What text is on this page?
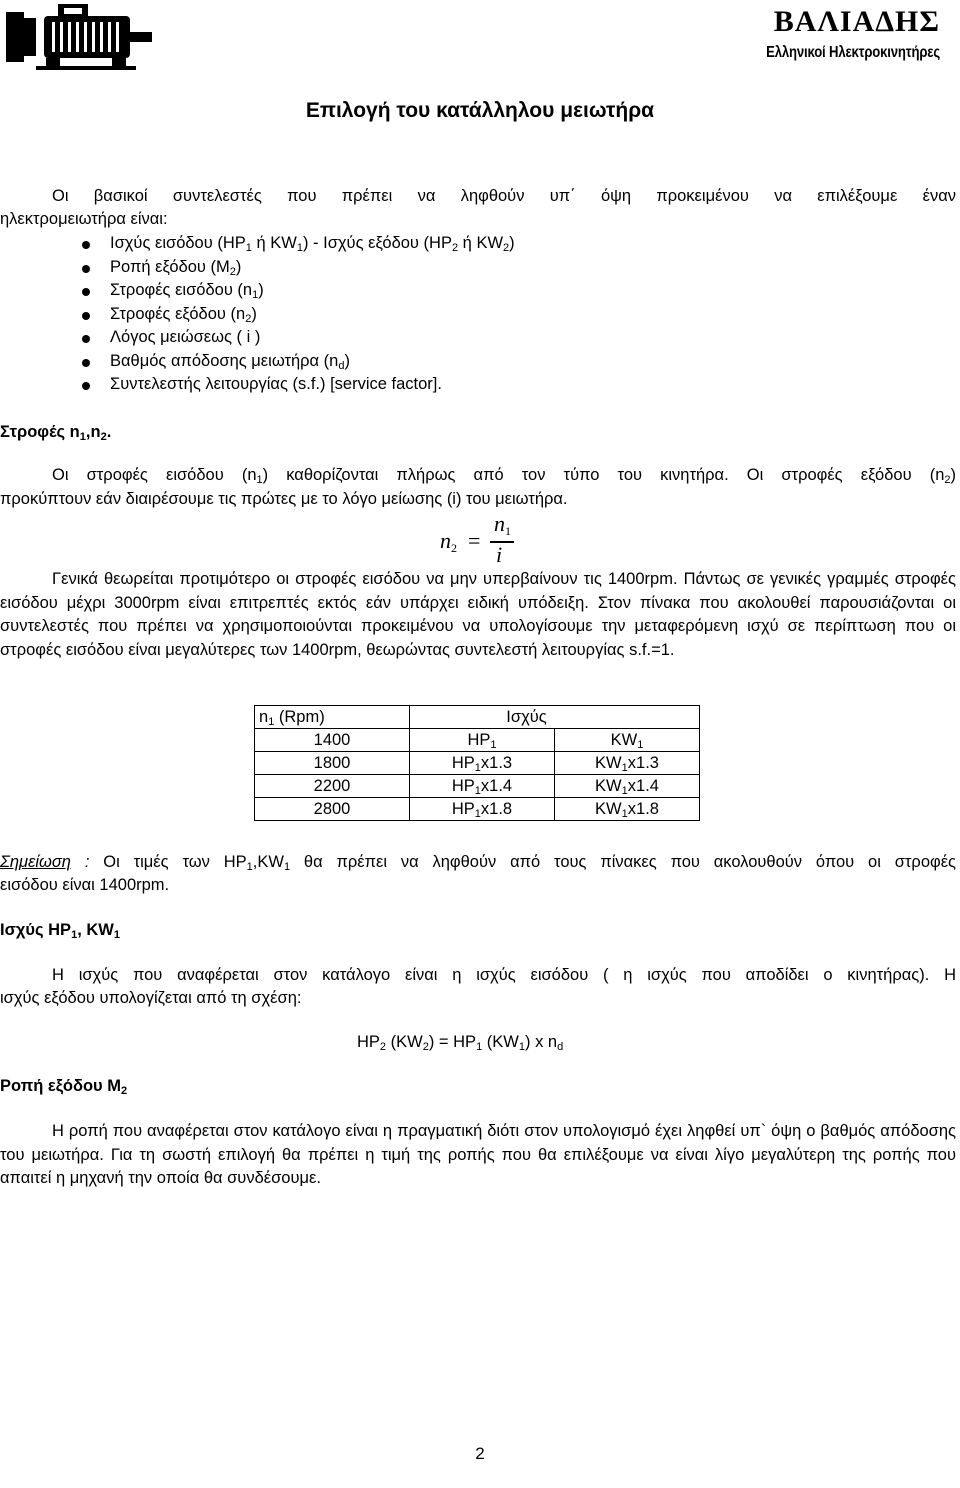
ΒΑΛΙΑΔΗΣ
Ελληνικοί Ηλεκτροκινητήρες
Επιλογή του κατάλληλου μειωτήρα
Οι βασικοί συντελεστές που πρέπει να ληφθούν υπ΄ όψη προκειμένου να επιλέξουμε έναν
ηλεκτρομειωτήρα είναι:
Ισχύς εισόδου ($HP_1$ ή $KW_1$) - Ισχύς εξόδου ($HP_2$ ή $KW_2$)
Ροπή εξόδου $(M_2)$
Στροφές εισόδου $(n_1)$
Στροφές εξόδου $(n_2)$
Λόγος μειώσεως ( i )
Βαθμός απόδοσης μειωτήρα $(n_d)$
Συντελεστής λειτουργίας (s.f.) [service factor].
Στροφές $n_1,n_2$.
Οι στροφές εισόδου $(n_1)$ καθορίζονται πλήρως από τον τύπο του κινητήρα. Οι στροφές εξόδου $(n_2)$
προκύπτουν εάν διαιρέσουμε τις πρώτες με το λόγο μείωσης (i) του μειωτήρα.
$n_2$ =
$n_1$
i
Γενικά θεωρείται προτιμότερο οι στροφές εισόδου να μην υπερβαίνουν τις 1400rpm. Πάντως σε γενικές γραμμές στροφές εισόδου μέχρι 3000rpm είναι επιτρεπτές εκτός εάν υπάρχει ειδική υπόδειξη. Στον πίνακα που ακολουθεί παρουσιάζονται οι συντελεστές που πρέπει να χρησιμοποιούνται προκειμένου να υπολογίσουμε την μεταφερόμενη ισχύ σε περίπτωση που οι στροφές εισόδου είναι μεγαλύτερες των 1400rpm, θεωρώντας συντελεστή λειτουργίας s.f.=1.
$n_1$ (Rpm)	Ισχύς	
1400	$HP_1$	$KW_1$
1800	$HP_1x1.3$	$KW_1x1.3$
2200	$HP_1x1.4$	$KW_1x1.4$
2800	$HP_1x1.8$	$KW_1x1.8$
Σημείωση : Οι τιμές των $HP_1,KW_1$ θα πρέπει να ληφθούν από τους πίνακες που ακολουθούν όπου οι στροφές
εισόδου είναι 1400rpm.
Ισχύς $HP_1$, $KW_1$
Η ισχύς που αναφέρεται στον κατάλογο είναι η ισχύς εισόδου ( η ισχύς που αποδίδει ο κινητήρας). Η
ισχύς εξόδου υπολογίζεται από τη σχέση:
$HP_2$ $(KW_2) = HP_1$ $(KW_1)$ x $n_d$
Ροπή εξόδου $M_2$
Η ροπή που αναφέρεται στον κατάλογο είναι η πραγματική διότι στον υπολογισμό έχει ληφθεί υπ` όψη ο βαθμός απόδοσης του μειωτήρα. Για τη σωστή επιλογή θα πρέπει η τιμή της ροπής που θα επιλέξουμε να είναι λίγο μεγαλύτερη της ροπής που απαιτεί η μηχανή την οποία θα συνδέσουμε.
2
